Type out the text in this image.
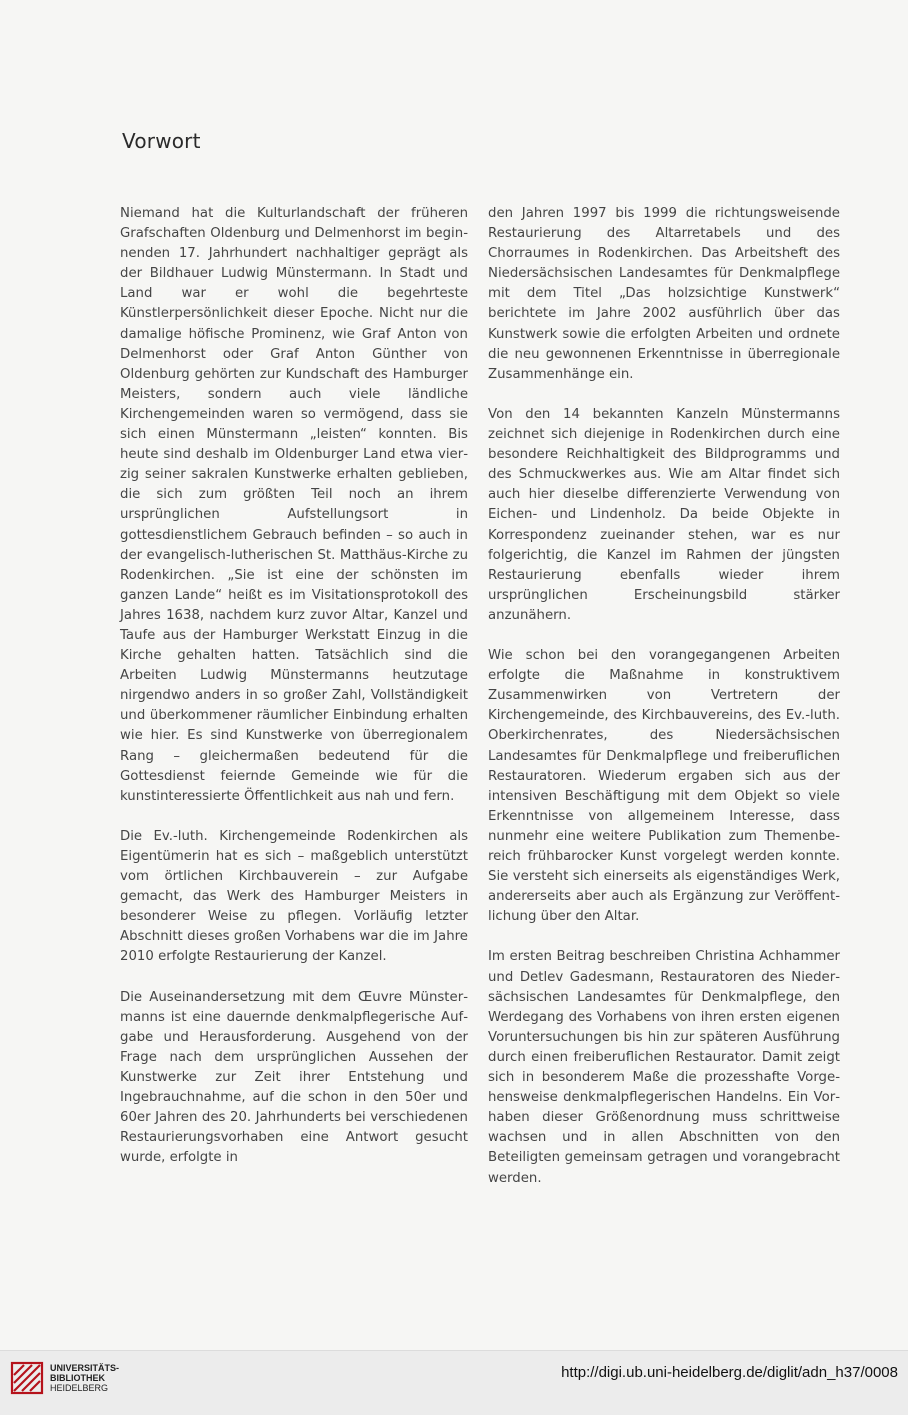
Vorwort

Niemand hat die Kulturlandschaft der früheren Grafschaften Oldenburg und Delmenhorst im beginnenden 17. Jahrhundert nachhaltiger geprägt als der Bildhauer Ludwig Münstermann. In Stadt und Land war er wohl die begehrteste Künstlerpersönlichkeit dieser Epoche. Nicht nur die damalige höfische Prominenz, wie Graf Anton von Delmenhorst oder Graf Anton Günther von Oldenburg gehörten zur Kundschaft des Hamburger Meisters, sondern auch viele ländliche Kirchengemeinden waren so vermögend, dass sie sich einen Münstermann „leisten“ konnten. Bis heute sind deshalb im Oldenburger Land etwa vierzig seiner sakralen Kunstwerke erhalten geblieben, die sich zum größten Teil noch an ihrem ursprünglichen Aufstellungsort in gottesdienstlichem Gebrauch befinden – so auch in der evangelisch-lutherischen St. Matthäus-Kirche zu Rodenkirchen. „Sie ist eine der schönsten im ganzen Lande“ heißt es im Visitationsprotokoll des Jahres 1638, nachdem kurz zuvor Altar, Kanzel und Taufe aus der Hamburger Werkstatt Einzug in die Kirche gehalten hatten. Tatsächlich sind die Arbeiten Ludwig Münstermanns heutzutage nirgendwo anders in so großer Zahl, Vollständigkeit und überkommener räumlicher Einbindung erhalten wie hier. Es sind Kunstwerke von überregionalem Rang – gleichermaßen bedeutend für die Gottesdienst feiernde Gemeinde wie für die kunstinteressierte Öffentlichkeit aus nah und fern.

Die Ev.-luth. Kirchengemeinde Rodenkirchen als Eigentümerin hat es sich – maßgeblich unterstützt vom örtlichen Kirchbauverein – zur Aufgabe gemacht, das Werk des Hamburger Meisters in besonderer Weise zu pflegen. Vorläufig letzter Abschnitt dieses großen Vorhabens war die im Jahre 2010 erfolgte Restaurierung der Kanzel.

Die Auseinandersetzung mit dem Œuvre Münstermanns ist eine dauernde denkmalpflegerische Aufgabe und Herausforderung. Ausgehend von der Frage nach dem ursprünglichen Aussehen der Kunstwerke zur Zeit ihrer Entstehung und Ingebrauchnahme, auf die schon in den 50er und 60er Jahren des 20. Jahrhunderts bei verschiedenen Restaurierungsvorhaben eine Antwort gesucht wurde, erfolgte in

den Jahren 1997 bis 1999 die richtungsweisende Restaurierung des Altarretabels und des Chorraumes in Rodenkirchen. Das Arbeitsheft des Niedersächsischen Landesamtes für Denkmalpflege mit dem Titel „Das holzsichtige Kunstwerk“ berichtete im Jahre 2002 ausführlich über das Kunstwerk sowie die erfolgten Arbeiten und ordnete die neu gewonnenen Erkenntnisse in überregionale Zusammenhänge ein.

Von den 14 bekannten Kanzeln Münstermanns zeichnet sich diejenige in Rodenkirchen durch eine besondere Reichhaltigkeit des Bildprogramms und des Schmuckwerkes aus. Wie am Altar findet sich auch hier dieselbe differenzierte Verwendung von Eichen- und Lindenholz. Da beide Objekte in Korrespondenz zueinander stehen, war es nur folgerichtig, die Kanzel im Rahmen der jüngsten Restaurierung ebenfalls wieder ihrem ursprünglichen Erscheinungsbild stärker anzunähern.

Wie schon bei den vorangegangenen Arbeiten erfolgte die Maßnahme in konstruktivem Zusammenwirken von Vertretern der Kirchengemeinde, des Kirchbauvereins, des Ev.-luth. Oberkirchenrates, des Niedersächsischen Landesamtes für Denkmalpflege und freiberuflichen Restauratoren. Wiederum ergaben sich aus der intensiven Beschäftigung mit dem Objekt so viele Erkenntnisse von allgemeinem Interesse, dass nunmehr eine weitere Publikation zum Themenbereich frühbarocker Kunst vorgelegt werden konnte. Sie versteht sich einerseits als eigenständiges Werk, andererseits aber auch als Ergänzung zur Veröffentlichung über den Altar.

Im ersten Beitrag beschreiben Christina Achhammer und Detlev Gadesmann, Restauratoren des Niedersächsischen Landesamtes für Denkmalpflege, den Werdegang des Vorhabens von ihren ersten eigenen Voruntersuchungen bis hin zur späteren Ausführung durch einen freiberuflichen Restaurator. Damit zeigt sich in besonderem Maße die prozesshafte Vorgehensweise denkmalpflegerischen Handelns. Ein Vorhaben dieser Größenordnung muss schrittweise wachsen und in allen Abschnitten von den Beteiligten gemeinsam getragen und vorangebracht werden.

UNIVERSITÄTS-
BIBLIOTHEK
HEIDELBERG
http://digi.ub.uni-heidelberg.de/diglit/adn_h37/0008
